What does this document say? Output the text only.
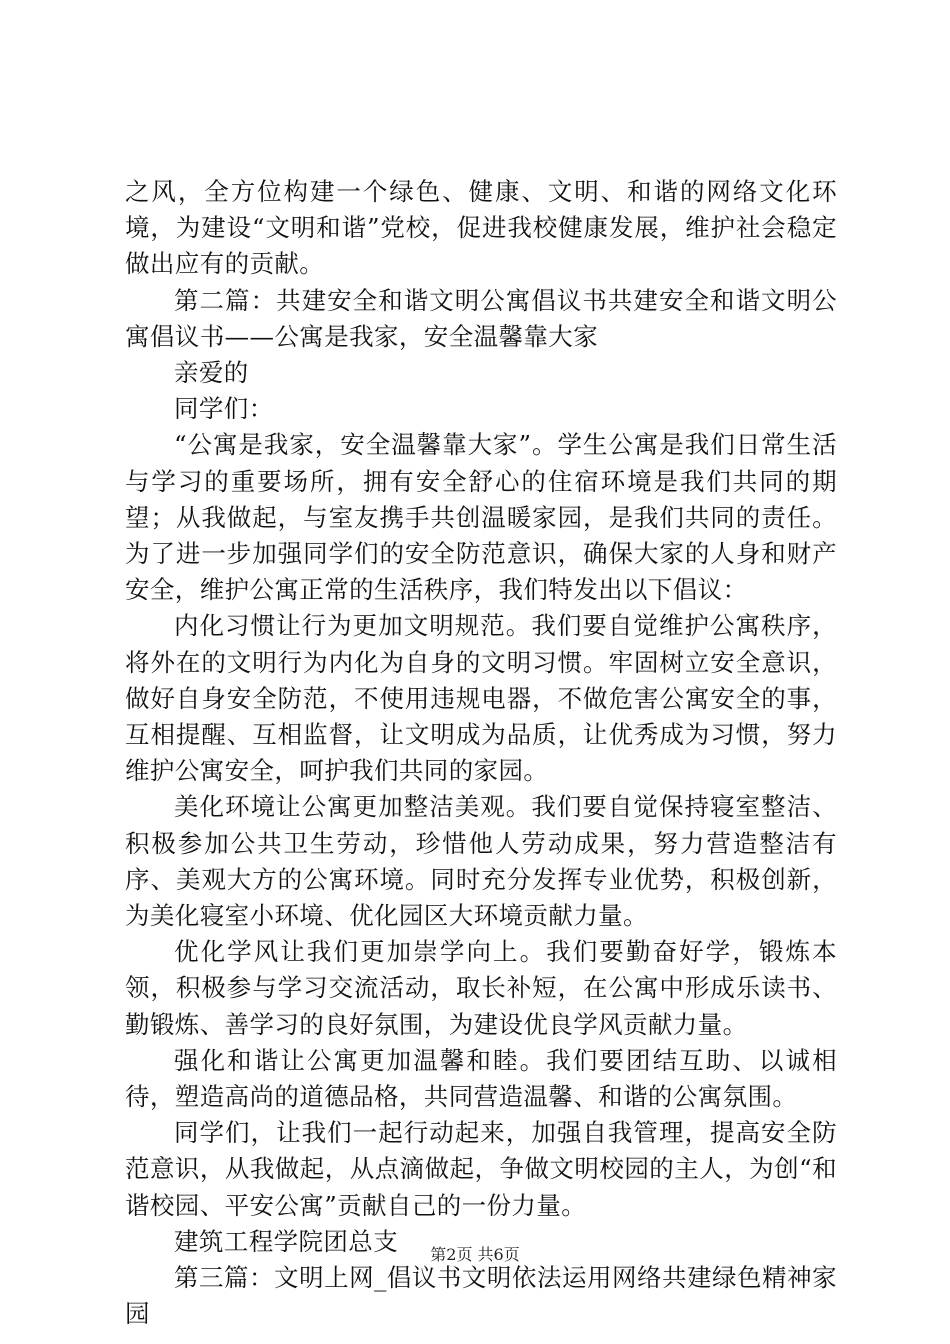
之风，全方位构建一个绿色、健康、文明、和谐的网络文化环境，为建设“文明和谐”党校，促进我校健康发展，维护社会稳定做出应有的贡献。

第二篇：共建安全和谐文明公寓倡议书共建安全和谐文明公寓倡议书——公寓是我家，安全温馨靠大家

亲爱的

同学们：

“公寓是我家，安全温馨靠大家”。学生公寓是我们日常生活与学习的重要场所，拥有安全舒心的住宿环境是我们共同的期望；从我做起，与室友携手共创温暖家园，是我们共同的责任。为了进一步加强同学们的安全防范意识，确保大家的人身和财产安全，维护公寓正常的生活秩序，我们特发出以下倡议：

内化习惯让行为更加文明规范。我们要自觉维护公寓秩序，将外在的文明行为内化为自身的文明习惯。牢固树立安全意识，做好自身安全防范，不使用违规电器，不做危害公寓安全的事，互相提醒、互相监督，让文明成为品质，让优秀成为习惯，努力维护公寓安全，呵护我们共同的家园。

美化环境让公寓更加整洁美观。我们要自觉保持寝室整洁、积极参加公共卫生劳动，珍惜他人劳动成果，努力营造整洁有序、美观大方的公寓环境。同时充分发挥专业优势，积极创新，为美化寝室小环境、优化园区大环境贡献力量。

优化学风让我们更加崇学向上。我们要勤奋好学，锻炼本领，积极参与学习交流活动，取长补短，在公寓中形成乐读书、勤锻炼、善学习的良好氛围，为建设优良学风贡献力量。

强化和谐让公寓更加温馨和睦。我们要团结互助、以诚相待，塑造高尚的道德品格，共同营造温馨、和谐的公寓氛围。

同学们，让我们一起行动起来，加强自我管理，提高安全防范意识，从我做起，从点滴做起，争做文明校园的主人，为创“和谐校园、平安公寓”贡献自己的一份力量。

建筑工程学院团总支

第三篇：文明上网_倡议书文明依法运用网络共建绿色精神家园

第2页 共6页
